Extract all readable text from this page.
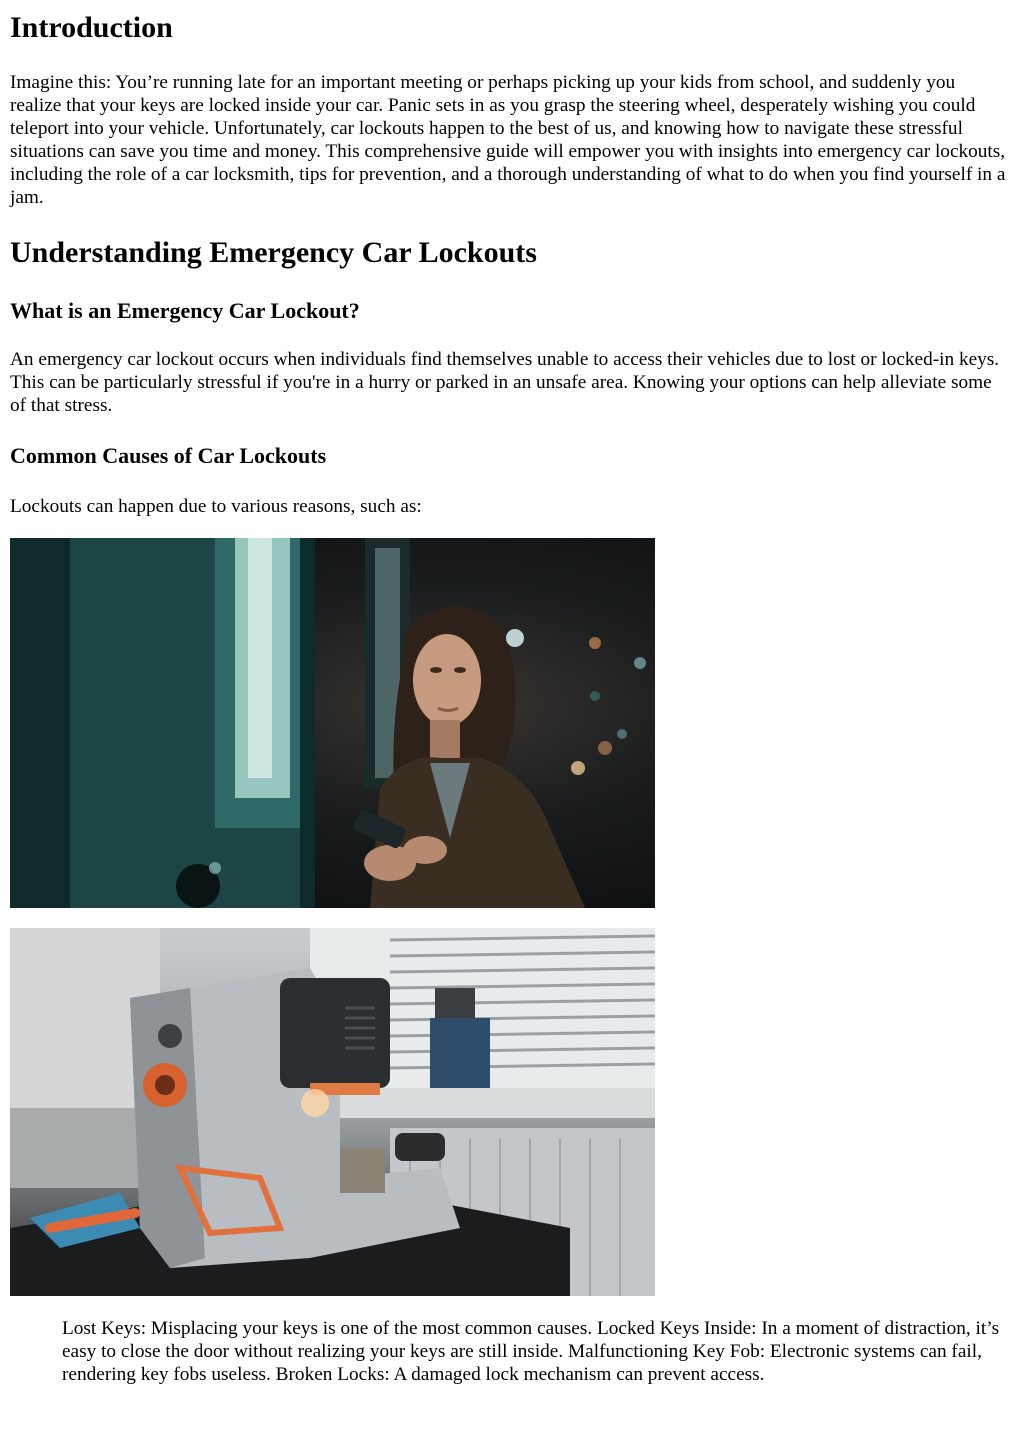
Introduction

Imagine this: You’re running late for an important meeting or perhaps picking up your kids from school, and suddenly you realize that your keys are locked inside your car. Panic sets in as you grasp the steering wheel, desperately wishing you could teleport into your vehicle. Unfortunately, car lockouts happen to the best of us, and knowing how to navigate these stressful situations can save you time and money. This comprehensive guide will empower you with insights into emergency car lockouts, including the role of a car locksmith, tips for prevention, and a thorough understanding of what to do when you find yourself in a jam.

Understanding Emergency Car Lockouts
What is an Emergency Car Lockout?

An emergency car lockout occurs when individuals find themselves unable to access their vehicles due to lost or locked-in keys. This can be particularly stressful if you're in a hurry or parked in an unsafe area. Knowing your options can help alleviate some of that stress.

Common Causes of Car Lockouts

Lockouts can happen due to various reasons, such as:

Lost Keys: Misplacing your keys is one of the most common causes. Locked Keys Inside: In a moment of distraction, it’s easy to close the door without realizing your keys are still inside. Malfunctioning Key Fob: Electronic systems can fail, rendering key fobs useless. Broken Locks: A damaged lock mechanism can prevent access.
